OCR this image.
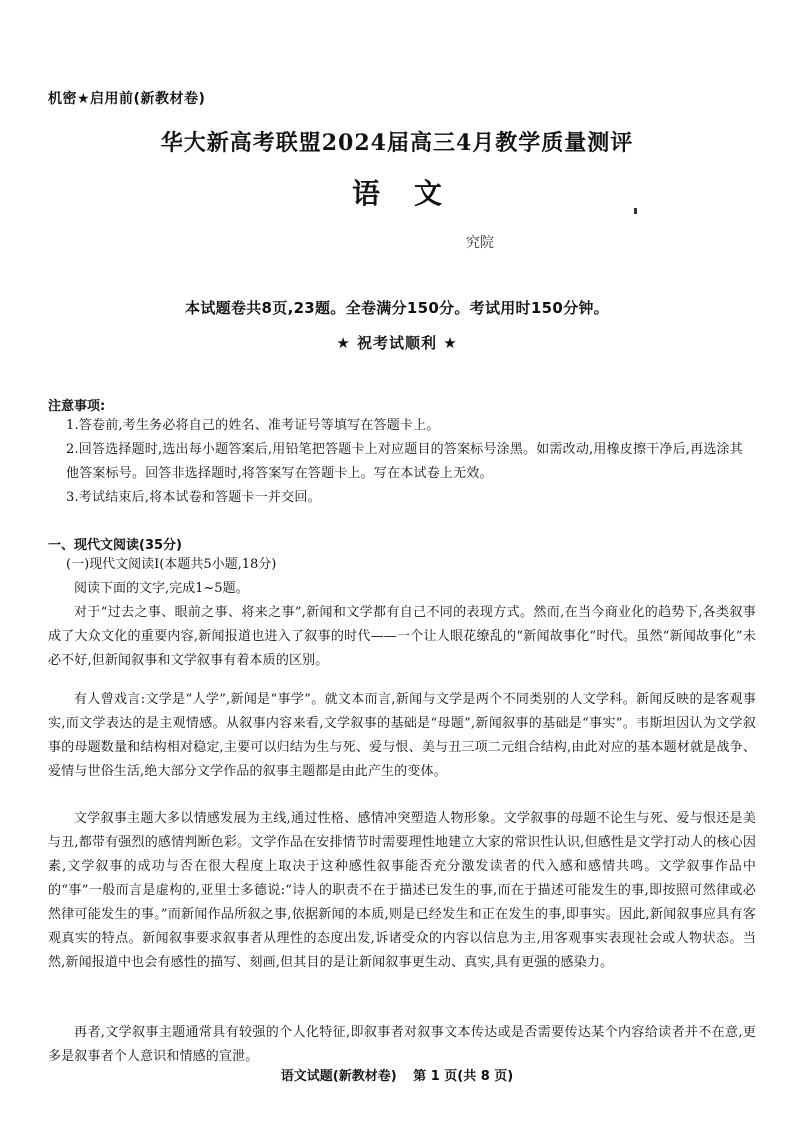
机密★启用前(新教材卷)
华大新高考联盟2024届高三4月教学质量测评
语文
究院
本试题卷共8页,23题。全卷满分150分。考试用时150分钟。
★ 祝考试顺利 ★
注意事项:
1.答卷前,考生务必将自己的姓名、准考证号等填写在答题卡上。
2.回答选择题时,选出每小题答案后,用铅笔把答题卡上对应题目的答案标号涂黑。如需改动,用橡皮擦干净后,再选涂其他答案标号。回答非选择题时,将答案写在答题卡上。写在本试卷上无效。
3.考试结束后,将本试卷和答题卡一并交回。
一、现代文阅读(35分)
(一)现代文阅读Ⅰ(本题共5小题,18分)
阅读下面的文字,完成1~5题。
对于“过去之事、眼前之事、将来之事”,新闻和文学都有自己不同的表现方式。然而,在当今商业化的趋势下,各类叙事成了大众文化的重要内容,新闻报道也进入了叙事的时代——一个让人眼花缭乱的“新闻故事化”时代。虽然“新闻故事化”未必不好,但新闻叙事和文学叙事有着本质的区别。
有人曾戏言:文学是“人学”,新闻是“事学”。就文本而言,新闻与文学是两个不同类别的人文学科。新闻反映的是客观事实,而文学表达的是主观情感。从叙事内容来看,文学叙事的基础是“母题”,新闻叙事的基础是“事实”。韦斯坦因认为文学叙事的母题数量和结构相对稳定,主要可以归结为生与死、爱与恨、美与丑三项二元组合结构,由此对应的基本题材就是战争、爱情与世俗生活,绝大部分文学作品的叙事主题都是由此产生的变体。
文学叙事主题大多以情感发展为主线,通过性格、感情冲突塑造人物形象。文学叙事的母题不论生与死、爱与恨还是美与丑,都带有强烈的感情判断色彩。文学作品在安排情节时需要理性地建立大家的常识性认识,但感性是文学打动人的核心因素,文学叙事的成功与否在很大程度上取决于这种感性叙事能否充分激发读者的代入感和感情共鸣。文学叙事作品中的“事”一般而言是虚构的,亚里士多德说:“诗人的职责不在于描述已发生的事,而在于描述可能发生的事,即按照可然律或必然律可能发生的事。”而新闻作品所叙之事,依据新闻的本质,则是已经发生和正在发生的事,即事实。因此,新闻叙事应具有客观真实的特点。新闻叙事要求叙事者从理性的态度出发,诉诸受众的内容以信息为主,用客观事实表现社会或人物状态。当然,新闻报道中也会有感性的描写、刻画,但其目的是让新闻叙事更生动、真实,具有更强的感染力。
再者,文学叙事主题通常具有较强的个人化特征,即叙事者对叙事文本传达或是否需要传达某个内容给读者并不在意,更多是叙事者个人意识和情感的宣泄。
语文试题(新教材卷) 第 1 页(共 8 页)
